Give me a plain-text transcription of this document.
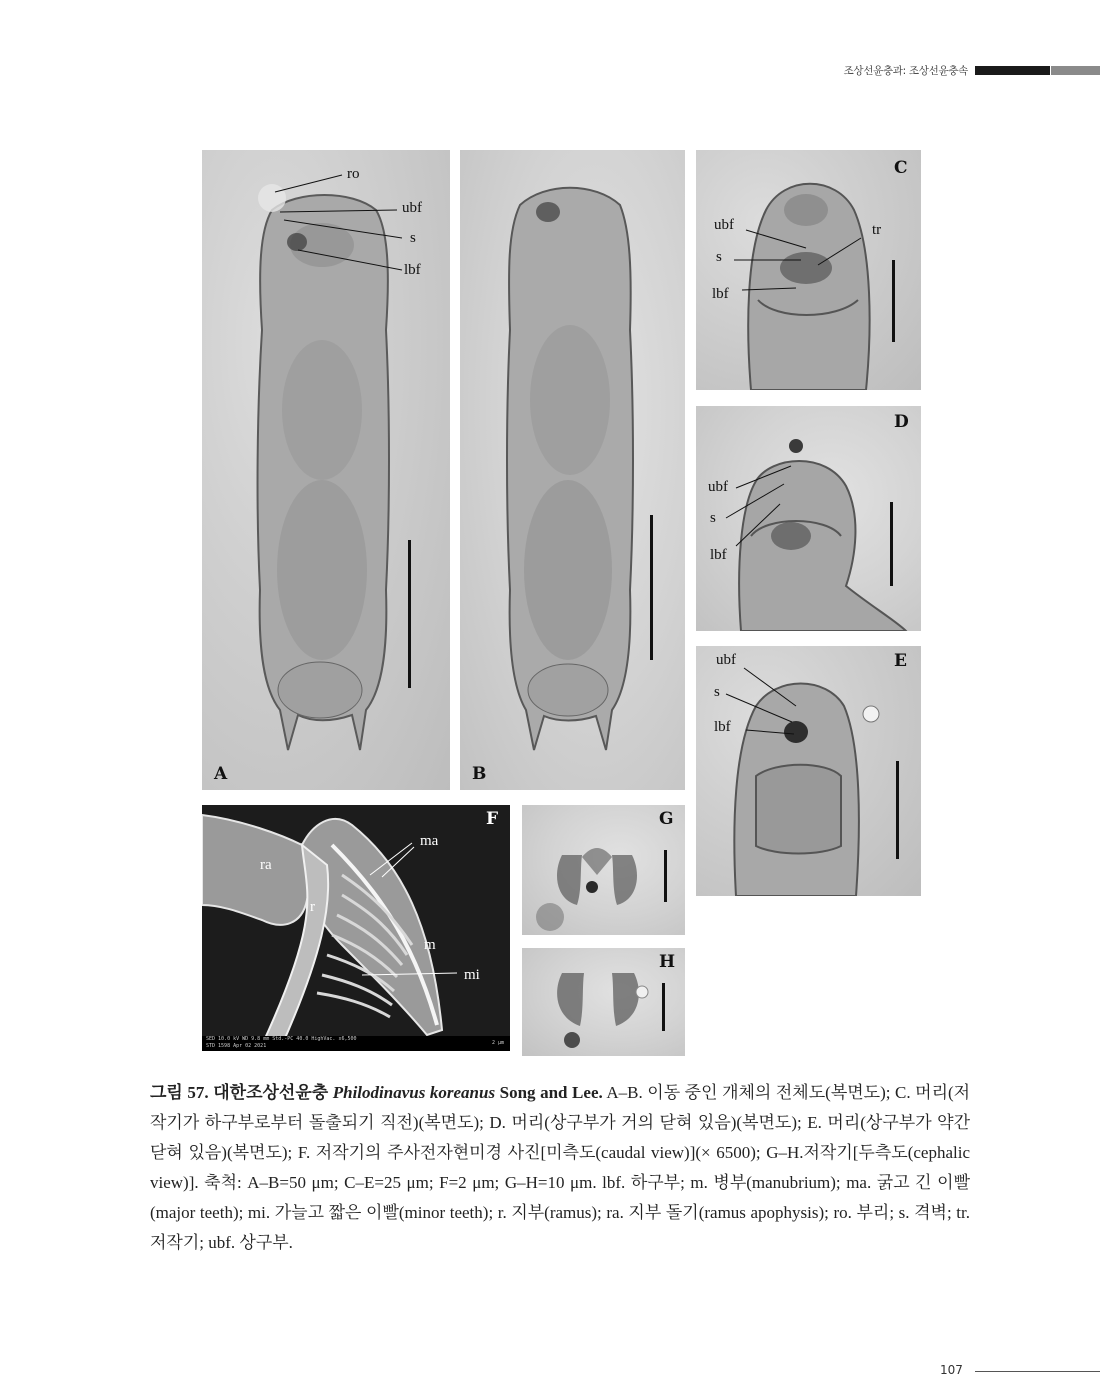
조상선윤충과: 조상선윤충속
ro
ubf
s
lbf
A	B
ubf	tr
s
lbf
C
ubf
s
lbf
D
ubf
s
lbf
E
ma
ra
r
m
mi
F
SED 10.0 kV WD 9.8 mm Std.-PC 40.0 HighVac. x6,500
STD 1598 Apr 02 2021	2 μm
G
H
그림 57. 대한조상선윤충 Philodinavus koreanus Song and Lee. A–B. 이동 중인 개체의 전체도(복면도); C. 머리(저작기가 하구부로부터 돌출되기 직전)(복면도); D. 머리(상구부가 거의 닫혀 있음)(복면도); E. 머리(상구부가 약간 닫혀 있음)(복면도); F. 저작기의 주사전자현미경 사진[미측도(caudal view)](× 6500); G–H.저작기[두측도(cephalic view)]. 축척: A–B=50 μm; C–E=25 μm; F=2 μm; G–H=10 μm. lbf. 하구부; m. 병부(manubrium); ma. 굵고 긴 이빨(major teeth); mi. 가늘고 짧은 이빨(minor teeth); r. 지부(ramus); ra. 지부 돌기(ramus apophysis); ro. 부리; s. 격벽; tr. 저작기; ubf. 상구부.
107
